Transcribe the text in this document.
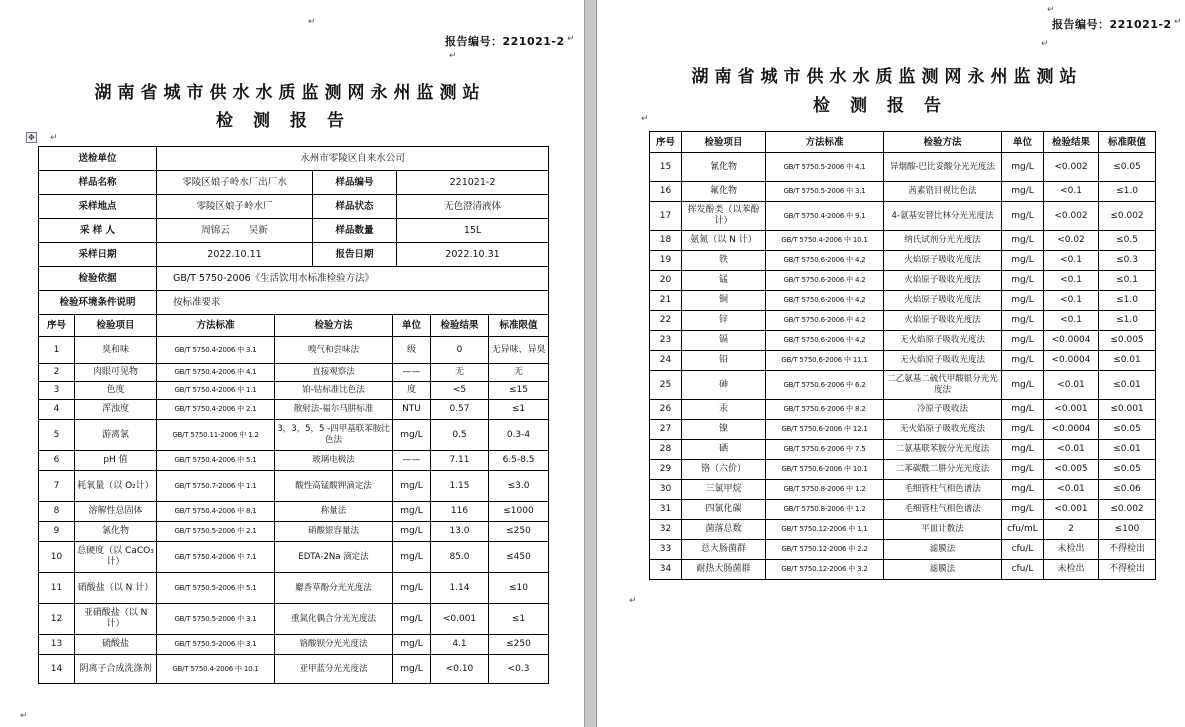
↵
报告编号：221021-2 ↵
↵
湖南省城市供水水质监测网永州监测站
检测报告
✥ ↵
送检单位	永州市零陵区自来水公司		
样品名称	零陵区娘子岭水厂出厂水	样品编号	221021-2
采样地点	零陵区娘子岭水厂	样品状态	无色澄清液体
采 样 人	周锦云　　吴新	样品数量	15L
采样日期	2022.10.11	报告日期	2022.10.31
检验依据	GB/T 5750-2006《生活饮用水标准检验方法》		
检验环境条件说明	按标准要求		
序号	检验项目	方法标准	检验方法	单位	检验结果	标准限值
1	臭和味	GB/T 5750.4-2006 中 3.1	嗅气和尝味法	级	0	无异味、异臭
2	肉眼可见物	GB/T 5750.4-2006 中 4.1	直接观察法	——	无	无
3	色度	GB/T 5750.4-2006 中 1.1	铂-钴标准比色法	度	<5	≤15
4	浑浊度	GB/T 5750.4-2006 中 2.1	散射法-福尔马肼标准	NTU	0.57	≤1
5	游离氯	GB/T 5750.11-2006 中 1.2	3，3，5，5 -四甲基联苯胺比色法	mg/L	0.5	0.3-4
6	pH 值	GB/T 5750.4-2006 中 5.1	玻璃电极法	——	7.11	6.5-8.5
7	耗氧量（以 O₂计）	GB/T 5750.7-2006 中 1.1	酸性高锰酸钾滴定法	mg/L	1.15	≤3.0
8	溶解性总固体	GB/T 5750.4-2006 中 8.1	称量法	mg/L	116	≤1000
9	氯化物	GB/T 5750.5-2006 中 2.1	硝酸银容量法	mg/L	13.0	≤250
10	总硬度（以 CaCO₃计）	GB/T 5750.4-2006 中 7.1	EDTA-2Na 滴定法	mg/L	85.0	≤450
11	硝酸盐（以 N 计）	GB/T 5750.5-2006 中 5.1	麝香草酚分光光度法	mg/L	1.14	≤10
12	亚硝酸盐（以 N 计）	GB/T 5750.5-2006 中 3.1	重氮化偶合分光光度法	mg/L	<0.001	≤1
13	硫酸盐	GB/T 5750.5-2006 中 3.1	铬酸钡分光光度法	mg/L	4.1	≤250
14	阴离子合成洗涤剂	GB/T 5750.4-2006 中 10.1	亚甲蓝分光光度法	mg/L	<0.10	<0.3
↵
↵
报告编号：221021-2 ↵
↵
湖南省城市供水水质监测网永州监测站
检测报告
↵
序号	检验项目	方法标准	检验方法	单位	检验结果	标准限值
15	氰化物	GB/T 5750.5-2006 中 4.1	异烟酸-巴比妥酸分光光度法	mg/L	<0.002	≤0.05
16	氟化物	GB/T 5750.5-2006 中 3.1	茜素锆目视比色法	mg/L	<0.1	≤1.0
17	挥发酚类（以苯酚计）	GB/T 5750.4-2006 中 9.1	4-氨基安替比林分光光度法	mg/L	<0.002	≤0.002
18	氨氮（以 N 计）	GB/T 5750.4-2006 中 10.1	纳氏试剂分光光度法	mg/L	<0.02	≤0.5
19	铁	GB/T 5750.6-2006 中 4.2	火焰原子吸收光度法	mg/L	<0.1	≤0.3
20	锰	GB/T 5750.6-2006 中 4.2	火焰原子吸收光度法	mg/L	<0.1	≤0.1
21	铜	GB/T 5750.6-2006 中 4.2	火焰原子吸收光度法	mg/L	<0.1	≤1.0
22	锌	GB/T 5750.6-2006 中 4.2	火焰原子吸收光度法	mg/L	<0.1	≤1.0
23	镉	GB/T 5750.6-2006 中 4.2	无火焰原子吸收光度法	mg/L	<0.0004	≤0.005
24	铅	GB/T 5750.6-2006 中 11.1	无火焰原子吸收光度法	mg/L	<0.0004	≤0.01
25	砷	GB/T 5750.6-2006 中 6.2	二乙氨基二硫代甲酸银分光光度法	mg/L	<0.01	≤0.01
26	汞	GB/T 5750.6-2006 中 8.2	冷原子吸收法	mg/L	<0.001	≤0.001
27	镍	GB/T 5750.6-2006 中 12.1	无火焰原子吸收光度法	mg/L	<0.0004	≤0.05
28	硒	GB/T 5750.6-2006 中 7.5	二氨基联苯胺分光光度法	mg/L	<0.01	≤0.01
29	铬（六价）	GB/T 5750.6-2006 中 10.1	二苯碳酰二肼分光光度法	mg/L	<0.005	≤0.05
30	三氯甲烷	GB/T 5750.8-2006 中 1.2	毛细管柱气相色谱法	mg/L	<0.01	≤0.06
31	四氯化碳	GB/T 5750.8-2006 中 1.2	毛细管柱气相色谱法	mg/L	<0.001	≤0.002
32	菌落总数	GB/T 5750.12-2006 中 1.1	平皿计数法	cfu/mL	2	≤100
33	总大肠菌群	GB/T 5750.12-2006 中 2.2	滤膜法	cfu/L	未检出	不得检出
34	耐热大肠菌群	GB/T 5750.12-2006 中 3.2	滤膜法	cfu/L	未检出	不得检出
↵
